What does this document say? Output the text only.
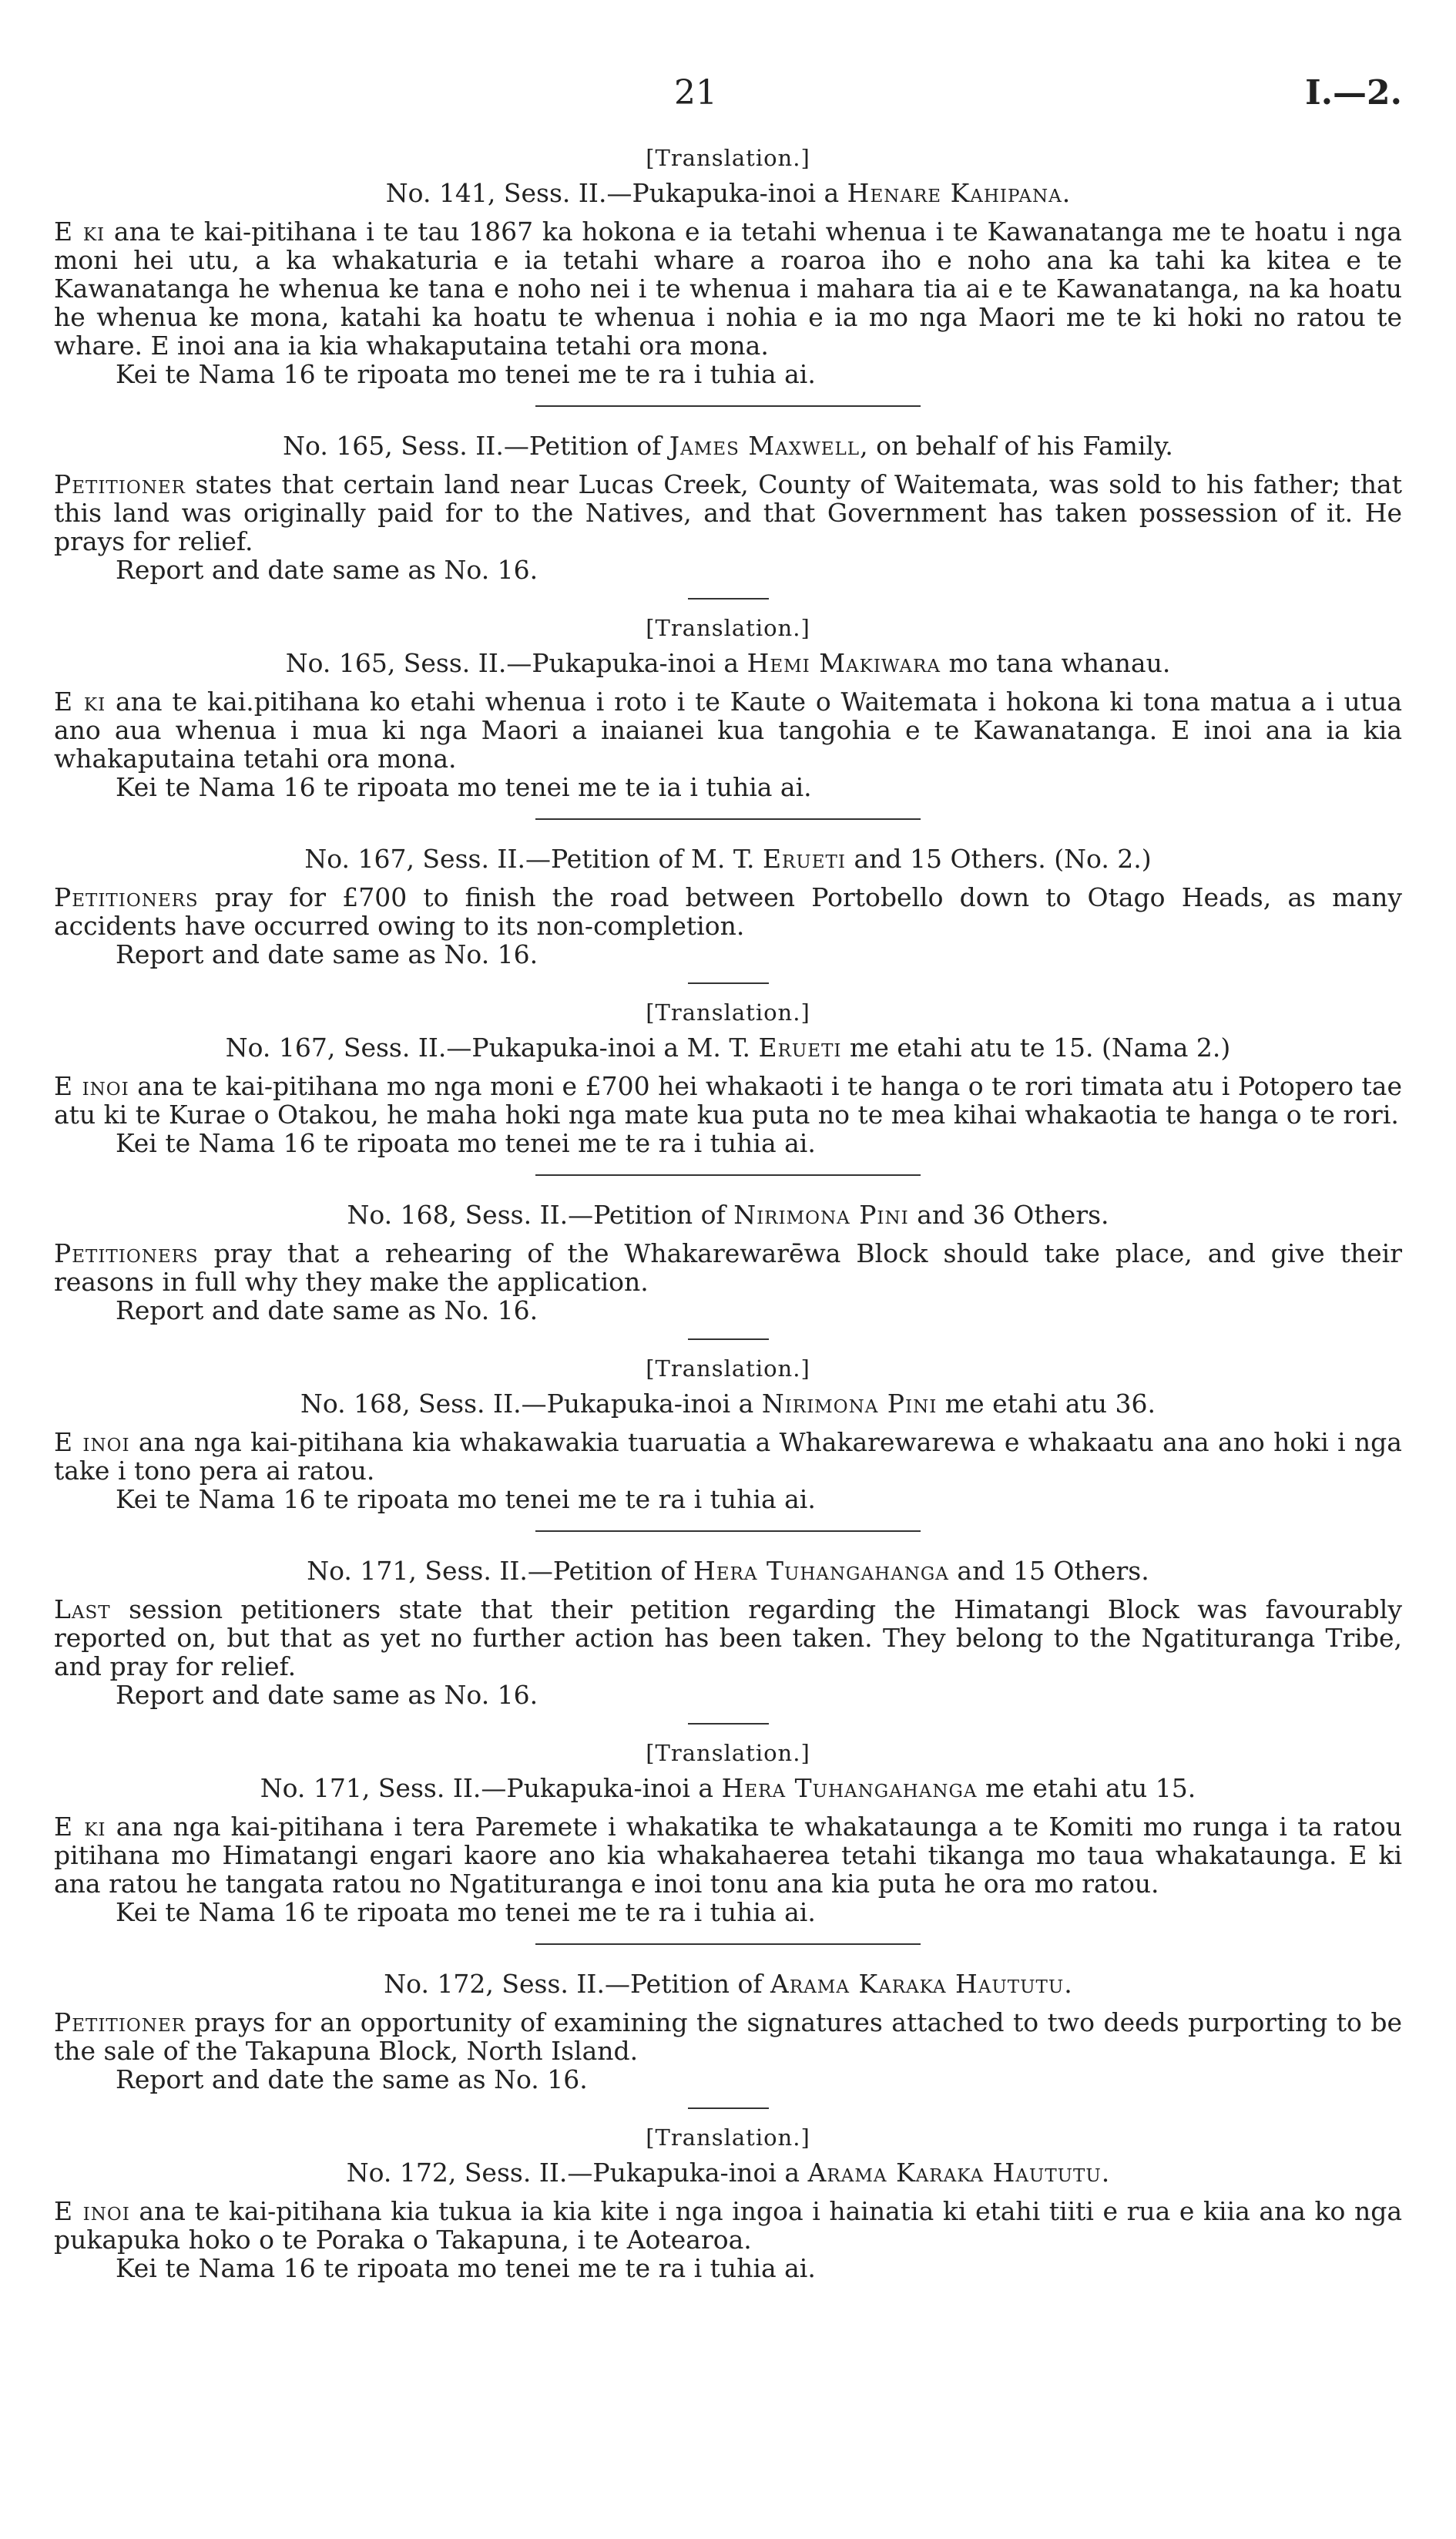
21	I.—2.

[Translation.]

No. 141, Sess. II.—Pukapuka-inoi a Henare Kahipana.

E ki ana te kai-pitihana i te tau 1867 ka hokona e ia tetahi whenua i te Kawanatanga me te hoatu i nga moni hei utu, a ka whakaturia e ia tetahi whare a roaroa iho e noho ana ka tahi ka kitea e te Kawanatanga he whenua ke tana e noho nei i te whenua i mahara tia ai e te Kawanatanga, na ka hoatu he whenua ke mona, katahi ka hoatu te whenua i nohia e ia mo nga Maori me te ki hoki no ratou te whare. E inoi ana ia kia whakaputaina tetahi ora mona.

Kei te Nama 16 te ripoata mo tenei me te ra i tuhia ai.

No. 165, Sess. II.—Petition of James Maxwell, on behalf of his Family.

Petitioner states that certain land near Lucas Creek, County of Waitemata, was sold to his father; that this land was originally paid for to the Natives, and that Government has taken possession of it. He prays for relief.

Report and date same as No. 16.

[Translation.]

No. 165, Sess. II.—Pukapuka-inoi a Hemi Makiwara mo tana whanau.

E ki ana te kai.pitihana ko etahi whenua i roto i te Kaute o Waitemata i hokona ki tona matua a i utua ano aua whenua i mua ki nga Maori a inaianei kua tangohia e te Kawanatanga. E inoi ana ia kia whakaputaina tetahi ora mona.

Kei te Nama 16 te ripoata mo tenei me te ia i tuhia ai.

No. 167, Sess. II.—Petition of M. T. Erueti and 15 Others. (No. 2.)

Petitioners pray for £700 to finish the road between Portobello down to Otago Heads, as many accidents have occurred owing to its non-completion.

Report and date same as No. 16.

[Translation.]

No. 167, Sess. II.—Pukapuka-inoi a M. T. Erueti me etahi atu te 15. (Nama 2.)

E inoi ana te kai-pitihana mo nga moni e £700 hei whakaoti i te hanga o te rori timata atu i Potopero tae atu ki te Kurae o Otakou, he maha hoki nga mate kua puta no te mea kihai whakaotia te hanga o te rori.

Kei te Nama 16 te ripoata mo tenei me te ra i tuhia ai.

No. 168, Sess. II.—Petition of Nirimona Pini and 36 Others.

Petitioners pray that a rehearing of the Whakarewarēwa Block should take place, and give their reasons in full why they make the application.

Report and date same as No. 16.

[Translation.]

No. 168, Sess. II.—Pukapuka-inoi a Nirimona Pini me etahi atu 36.

E inoi ana nga kai-pitihana kia whakawakia tuaruatia a Whakarewarewa e whakaatu ana ano hoki i nga take i tono pera ai ratou.

Kei te Nama 16 te ripoata mo tenei me te ra i tuhia ai.

No. 171, Sess. II.—Petition of Hera Tuhangahanga and 15 Others.

Last session petitioners state that their petition regarding the Himatangi Block was favourably reported on, but that as yet no further action has been taken. They belong to the Ngatituranga Tribe, and pray for relief.

Report and date same as No. 16.

[Translation.]

No. 171, Sess. II.—Pukapuka-inoi a Hera Tuhangahanga me etahi atu 15.

E ki ana nga kai-pitihana i tera Paremete i whakatika te whakataunga a te Komiti mo runga i ta ratou pitihana mo Himatangi engari kaore ano kia whakahaerea tetahi tikanga mo taua whakataunga. E ki ana ratou he tangata ratou no Ngatituranga e inoi tonu ana kia puta he ora mo ratou.

Kei te Nama 16 te ripoata mo tenei me te ra i tuhia ai.

No. 172, Sess. II.—Petition of Arama Karaka Haututu.

Petitioner prays for an opportunity of examining the signatures attached to two deeds purporting to be the sale of the Takapuna Block, North Island.

Report and date the same as No. 16.

[Translation.]

No. 172, Sess. II.—Pukapuka-inoi a Arama Karaka Haututu.

E inoi ana te kai-pitihana kia tukua ia kia kite i nga ingoa i hainatia ki etahi tiiti e rua e kiia ana ko nga pukapuka hoko o te Poraka o Takapuna, i te Aotearoa.

Kei te Nama 16 te ripoata mo tenei me te ra i tuhia ai.
